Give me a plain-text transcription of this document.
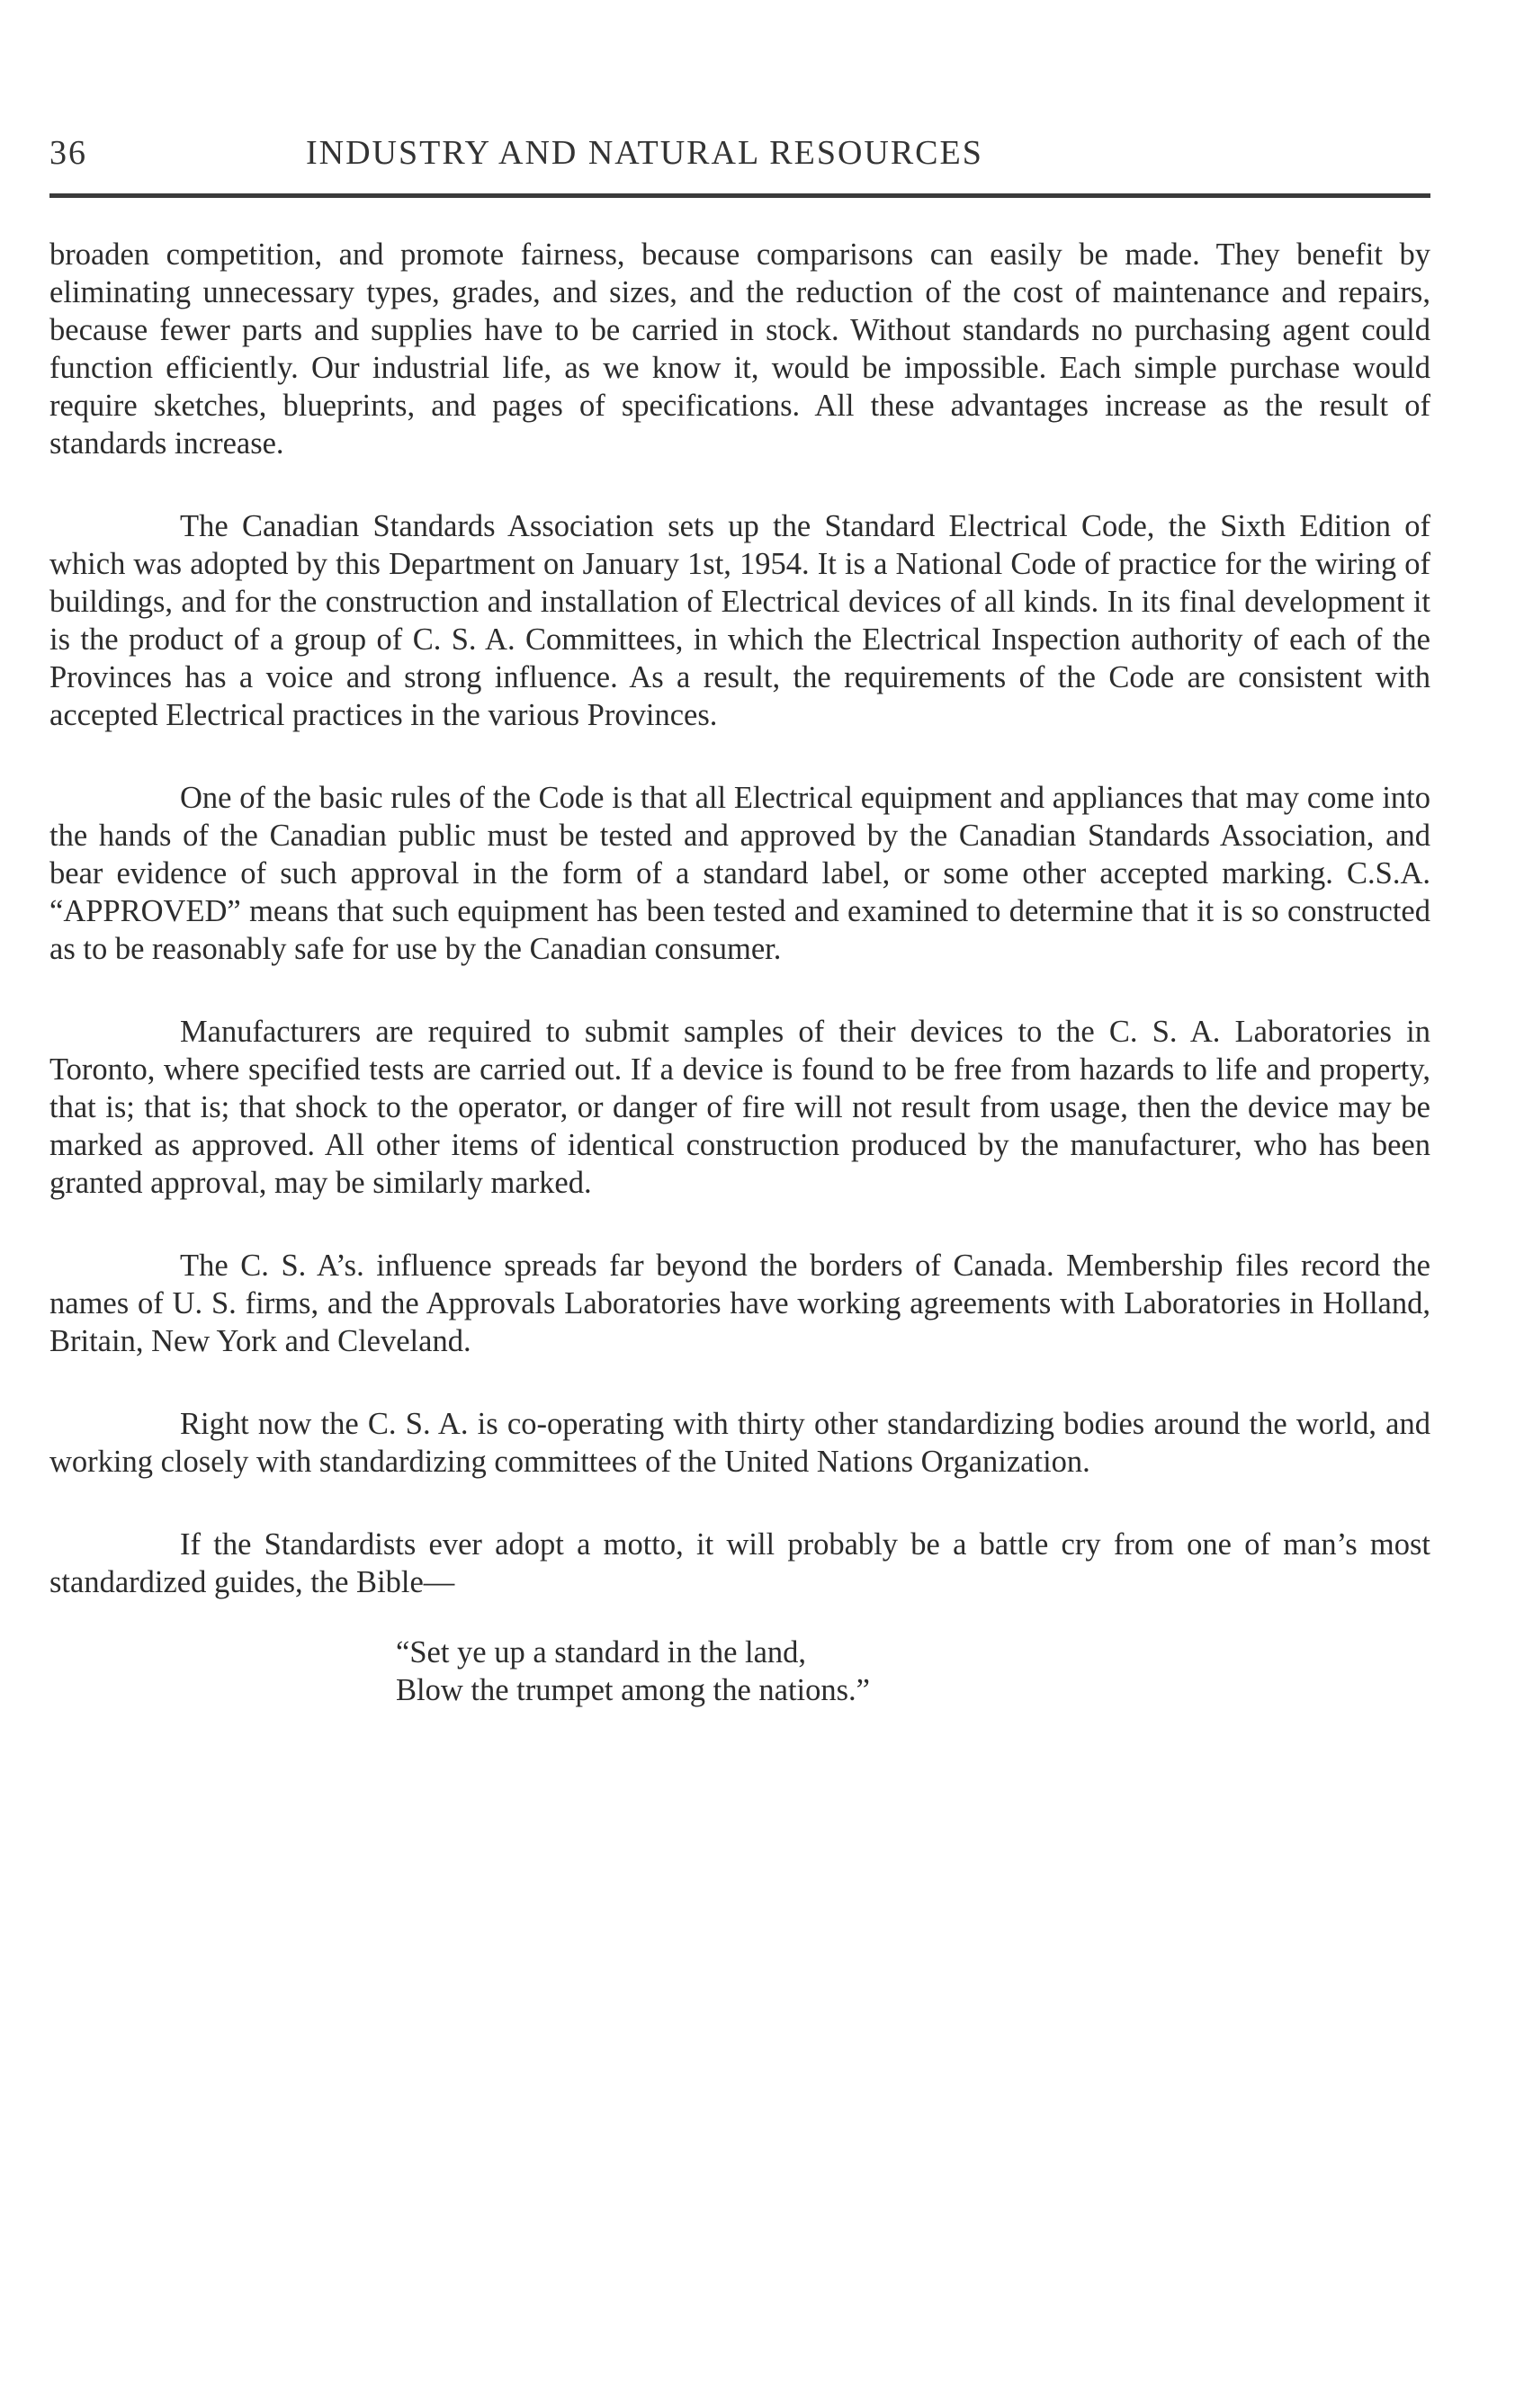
36	INDUSTRY AND NATURAL RESOURCES

broaden competition, and promote fairness, because comparisons can easily be made. They benefit by eliminating unnecessary types, grades, and sizes, and the reduction of the cost of maintenance and repairs, because fewer parts and supplies have to be carried in stock. Without standards no purchasing agent could function efficiently. Our industrial life, as we know it, would be impossible. Each simple purchase would require sketches, blueprints, and pages of specifications. All these advantages increase as the result of standards increase.

The Canadian Standards Association sets up the Standard Electrical Code, the Sixth Edition of which was adopted by this Department on January 1st, 1954. It is a National Code of practice for the wiring of buildings, and for the construction and installation of Electrical devices of all kinds. In its final development it is the product of a group of C. S. A. Committees, in which the Electrical Inspection authority of each of the Provinces has a voice and strong influence. As a result, the requirements of the Code are consistent with accepted Electrical practices in the various Provinces.

One of the basic rules of the Code is that all Electrical equipment and appliances that may come into the hands of the Canadian public must be tested and approved by the Canadian Standards Association, and bear evidence of such approval in the form of a standard label, or some other accepted marking. C.S.A. “APPROVED” means that such equipment has been tested and examined to determine that it is so constructed as to be reasonably safe for use by the Canadian consumer.

Manufacturers are required to submit samples of their devices to the C. S. A. Laboratories in Toronto, where specified tests are carried out. If a device is found to be free from hazards to life and property, that is; that is; that shock to the operator, or danger of fire will not result from usage, then the device may be marked as approved. All other items of identical construction produced by the manufacturer, who has been granted approval, may be similarly marked.

The C. S. A’s. influence spreads far beyond the borders of Canada. Membership files record the names of U. S. firms, and the Approvals Laboratories have working agreements with Laboratories in Holland, Britain, New York and Cleveland.

Right now the C. S. A. is co-operating with thirty other standardizing bodies around the world, and working closely with standardizing committees of the United Nations Organization.

If the Standardists ever adopt a motto, it will probably be a battle cry from one of man’s most standardized guides, the Bible—

“Set ye up a standard in the land,
Blow the trumpet among the nations.”
